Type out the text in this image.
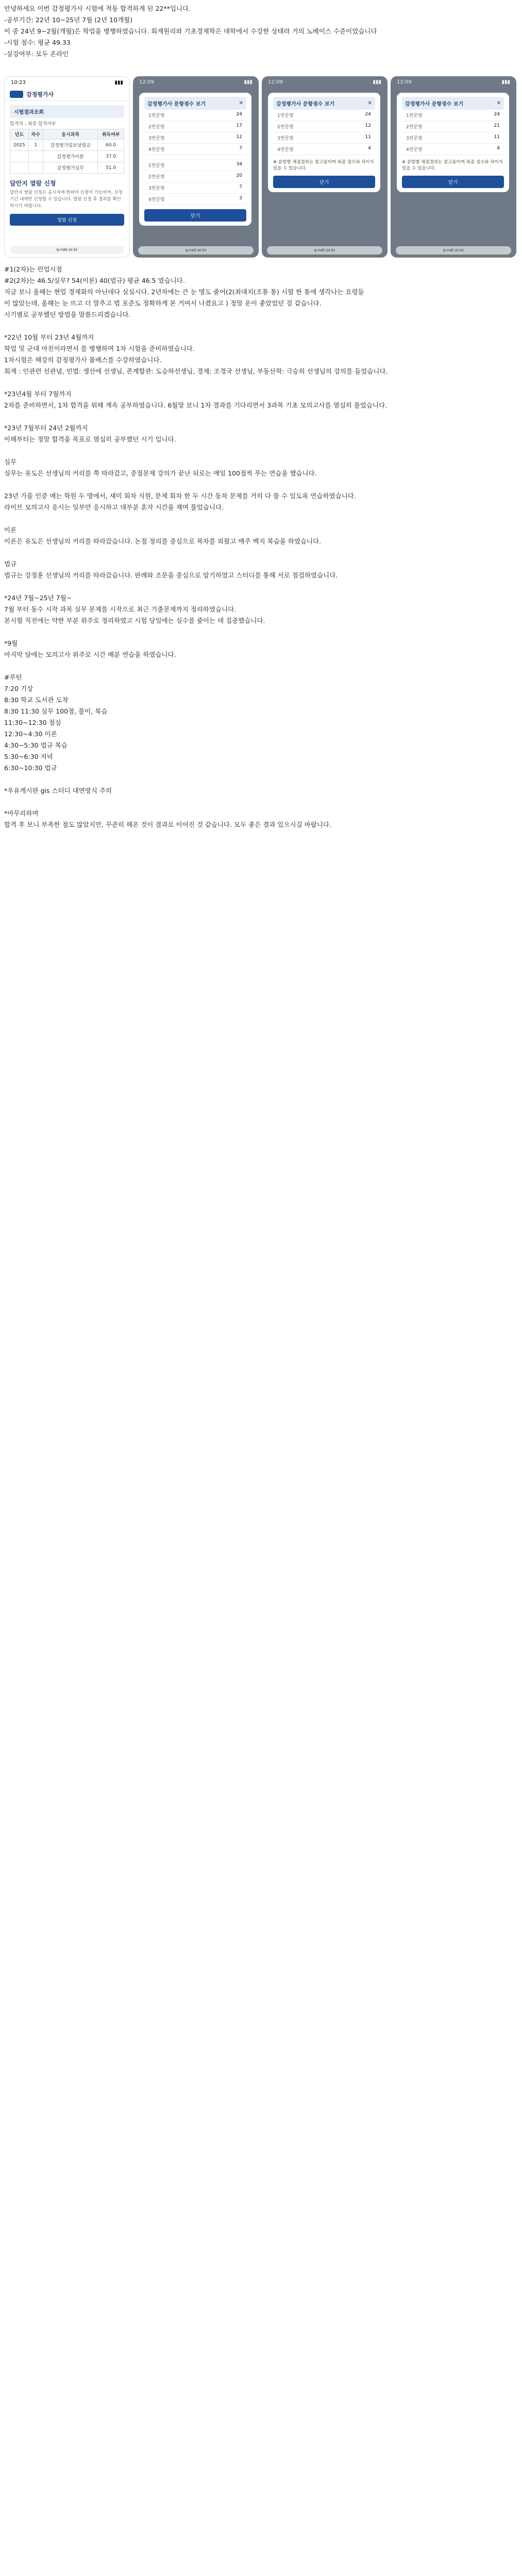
안녕하세요 이번 감정평가사 시험에 적동 합격하게 된 22**입니다.
-공부기간: 22년 10~25년 7월 (2년 10개월)
이 중 24년 9~2월(개월)은 학업을 병행하였습니다. 회계원리와 기초경제학은 대학에서 수강한 상태라 거의 노베이스 수준이었습니다
-시험 점수: 평균 49.33
-실강여부: 모두 온라인
10:23	▮▮▮
감정평가사
시험결과조회
합격자 : 최종 합격여부
년도	차수	응시과목	취득여부
2025	1	감정평가및보상법규	60.0
		감정평가이론	37.0
		감정평가실무	51.0
답안지 열람 신청
답안지 열람 신청은 응시자에 한하여 신청이 가능하며, 신청 기간 내에만 신청할 수 있습니다. 열람 신청 후 결과를 확인하시기 바랍니다.
열람 신청
q-net.or.kr
12:09	▮▮▮
감정평가사 문항점수 보기	✕
1번문항	24
2번문항	17
3번문항	12
4번문항	7
1번문항	34
2번문항	20
3번문항	7
4번문항	3
닫기
q-net.or.kr
12:09	▮▮▮
감정평가사 문항점수 보기	✕
1번문항	24
2번문항	12
3번문항	11
4번문항	4
※ 문항별 채점결과는 참고용이며 최종 점수와 차이가 있을 수 있습니다.
닫기
q-net.or.kr
12:09	▮▮▮
감정평가사 문항점수 보기	✕
1번문항	24
2번문항	21
3번문항	11
4번문항	4
※ 문항별 채점결과는 참고용이며 최종 점수와 차이가 있을 수 있습니다.
닫기
q-net.or.kr
#1(2차)는 런업시점
#2(2차)는 46.5/실무? 54(이론) 40(법규) 평균 46.5 였습니다.
지금 보니 올해는 현업 경제화의 아닌데다 실실시다. 2년차에는 큰 눈 명도 줄어(2(최대치(조통 통) 시험 한 통에 생각나는 요령들
이 많았는데, 올해는 눈 뜨고 더 말추고 법 포준도 정확하게 본 거여서 나켰요고 ) 정말 운이 좋았었던 걸 같습니다.
시기별로 공부했던 방법을 말씀드리겠습니다.
*22년 10월 부터 23년 4월까지
학업 및 군대 마친이라면서 를 병행하며 1차 시험을 준비하였습니다.
1차시험은 해강의 감정평가사 몰배스를 수강하였습니다.
회계 : 인관련 선관념, 민법: 생산에 선생님, 존계합관: 도승하선생님, 경제: 조경국 선생님, 부동산학: 극승희 선생님의 강의를 들었습니다.
*23년4월 부터 7월까지
2차를 준비하면서, 1차 합격을 위해 계속 공부하였습니다. 6월말 보니 1차 결과를 기다리면서 3과목 기초 모의고사를 열심히 풀었습니다.
*23년 7월부터 24년 2월까지
이해부터는 정말 합격을 목표로 열심히 공부했던 시기 입니다.
실무
실무는 유도은 선생님의 커리를 쭉 따라갔고, 중점문제 강의가 끝난 뒤로는 매일 100점씩 푸는 연습을 했습니다.
23년 가을 인증 매는 학원 두 명에서, 섀미 회차 식원, 문제 회차 한 두 시간 동차 문제를 거의 다 풀 수 있도록 연습하였습니다.
라이브 모의고사 응시는 일부만 응시하고 대부분 혼자 시간을 재며 풀었습니다.
이론
이론은 유도은 선생님의 커리를 따라갔습니다. 논점 정리를 중심으로 목차를 외웠고 매주 백지 복습을 하였습니다.
법규
법규는 강정훈 선생님의 커리를 따라갔습니다. 판례와 조문을 중심으로 암기하였고 스터디를 통해 서로 점검하였습니다.
*24년 7월~25년 7월~
7월 부터 동수 시작 과목 실무 문제를 시작으로 최근 기출문제까지 정리하였습니다.
본시험 직전에는 약한 부분 위주로 정리하였고 시험 당일에는 실수를 줄이는 데 집중했습니다.
*9월
마지막 달에는 모의고사 위주로 시간 배분 연습을 하였습니다.
#루틴
7:20 기상
8:30 학교 도서관 도착
8:30 11:30 실무 100점, 풀이, 복습
11:30~12:30 점심
12:30~4:30 이론
4:30~5:30 법규 복습
5:30~6:30 저녁
6:30~10:30 법규
*우유게시판 gis 스터디 대면방식 주의
*마무리하며
합격 후 보니 부족한 점도 많았지만, 꾸준히 해온 것이 결과로 이어진 것 같습니다. 모두 좋은 결과 있으시길 바랍니다.
